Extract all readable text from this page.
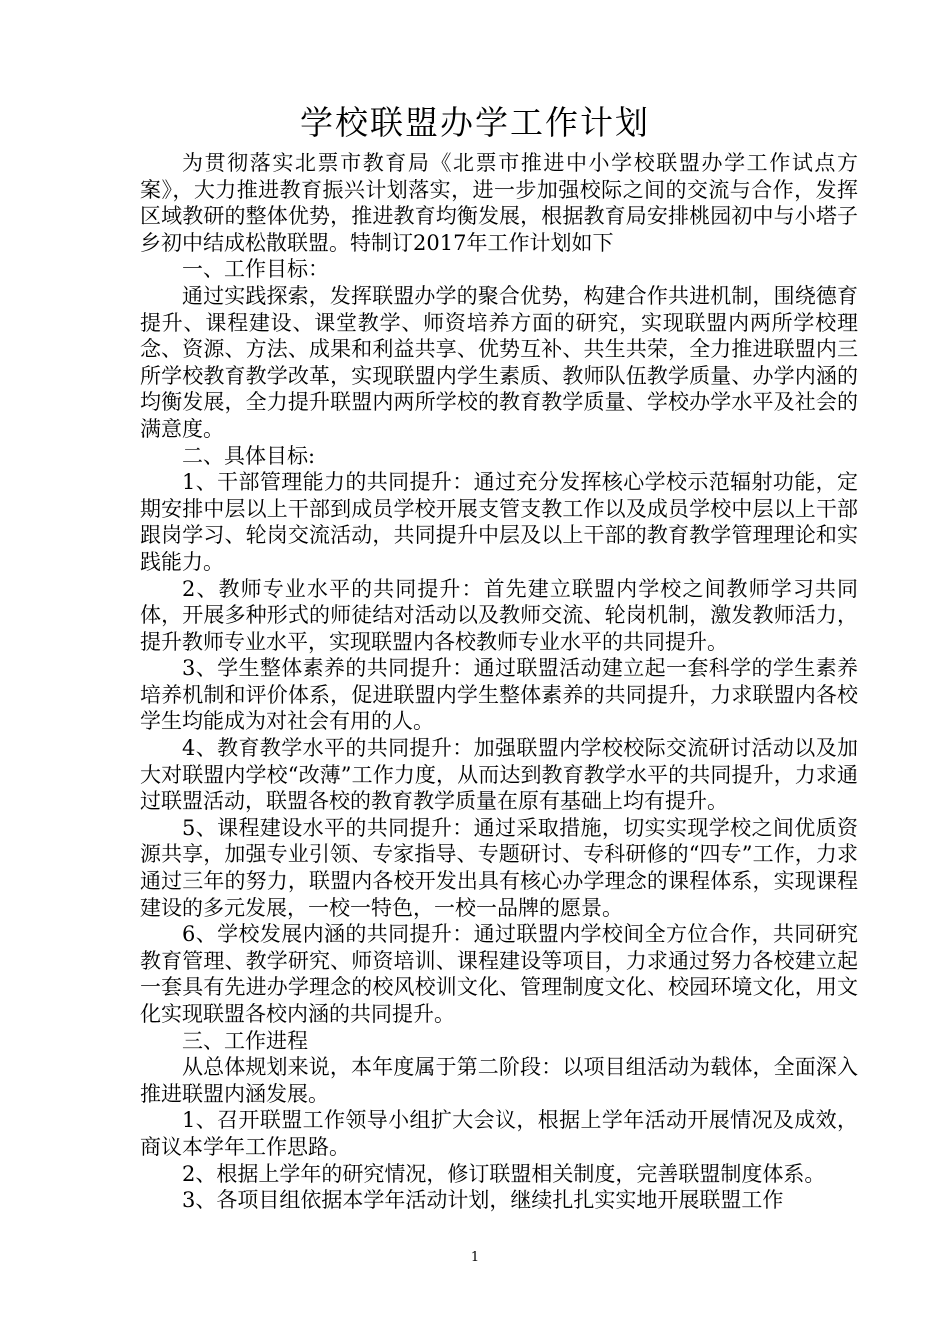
学校联盟办学工作计划

为贯彻落实北票市教育局《北票市推进中小学校联盟办学工作试点方案》，大力推进教育振兴计划落实，进一步加强校际之间的交流与合作，发挥区域教研的整体优势，推进教育均衡发展，根据教育局安排桃园初中与小塔子乡初中结成松散联盟。特制订2017年工作计划如下

一、工作目标：

通过实践探索，发挥联盟办学的聚合优势，构建合作共进机制，围绕德育提升、课程建设、课堂教学、师资培养方面的研究，实现联盟内两所学校理念、资源、方法、成果和利益共享、优势互补、共生共荣，全力推进联盟内三所学校教育教学改革，实现联盟内学生素质、教师队伍教学质量、办学内涵的均衡发展，全力提升联盟内两所学校的教育教学质量、学校办学水平及社会的满意度。

二、具体目标:

1、干部管理能力的共同提升：通过充分发挥核心学校示范辐射功能，定期安排中层以上干部到成员学校开展支管支教工作以及成员学校中层以上干部跟岗学习、轮岗交流活动，共同提升中层及以上干部的教育教学管理理论和实践能力。

2、教师专业水平的共同提升：首先建立联盟内学校之间教师学习共同体，开展多种形式的师徒结对活动以及教师交流、轮岗机制，激发教师活力，提升教师专业水平，实现联盟内各校教师专业水平的共同提升。

3、学生整体素养的共同提升：通过联盟活动建立起一套科学的学生素养培养机制和评价体系，促进联盟内学生整体素养的共同提升，力求联盟内各校学生均能成为对社会有用的人。

4、教育教学水平的共同提升：加强联盟内学校校际交流研讨活动以及加大对联盟内学校“改薄”工作力度，从而达到教育教学水平的共同提升，力求通过联盟活动，联盟各校的教育教学质量在原有基础上均有提升。

5、课程建设水平的共同提升：通过采取措施，切实实现学校之间优质资源共享，加强专业引领、专家指导、专题研讨、专科研修的“四专”工作，力求通过三年的努力，联盟内各校开发出具有核心办学理念的课程体系，实现课程建设的多元发展，一校一特色，一校一品牌的愿景。

6、学校发展内涵的共同提升：通过联盟内学校间全方位合作，共同研究教育管理、教学研究、师资培训、课程建设等项目，力求通过努力各校建立起一套具有先进办学理念的校风校训文化、管理制度文化、校园环境文化，用文化实现联盟各校内涵的共同提升。

三、工作进程

从总体规划来说，本年度属于第二阶段：以项目组活动为载体，全面深入推进联盟内涵发展。

1、召开联盟工作领导小组扩大会议，根据上学年活动开展情况及成效，商议本学年工作思路。

2、根据上学年的研究情况，修订联盟相关制度，完善联盟制度体系。

3、各项目组依据本学年活动计划，继续扎扎实实地开展联盟工作

1
